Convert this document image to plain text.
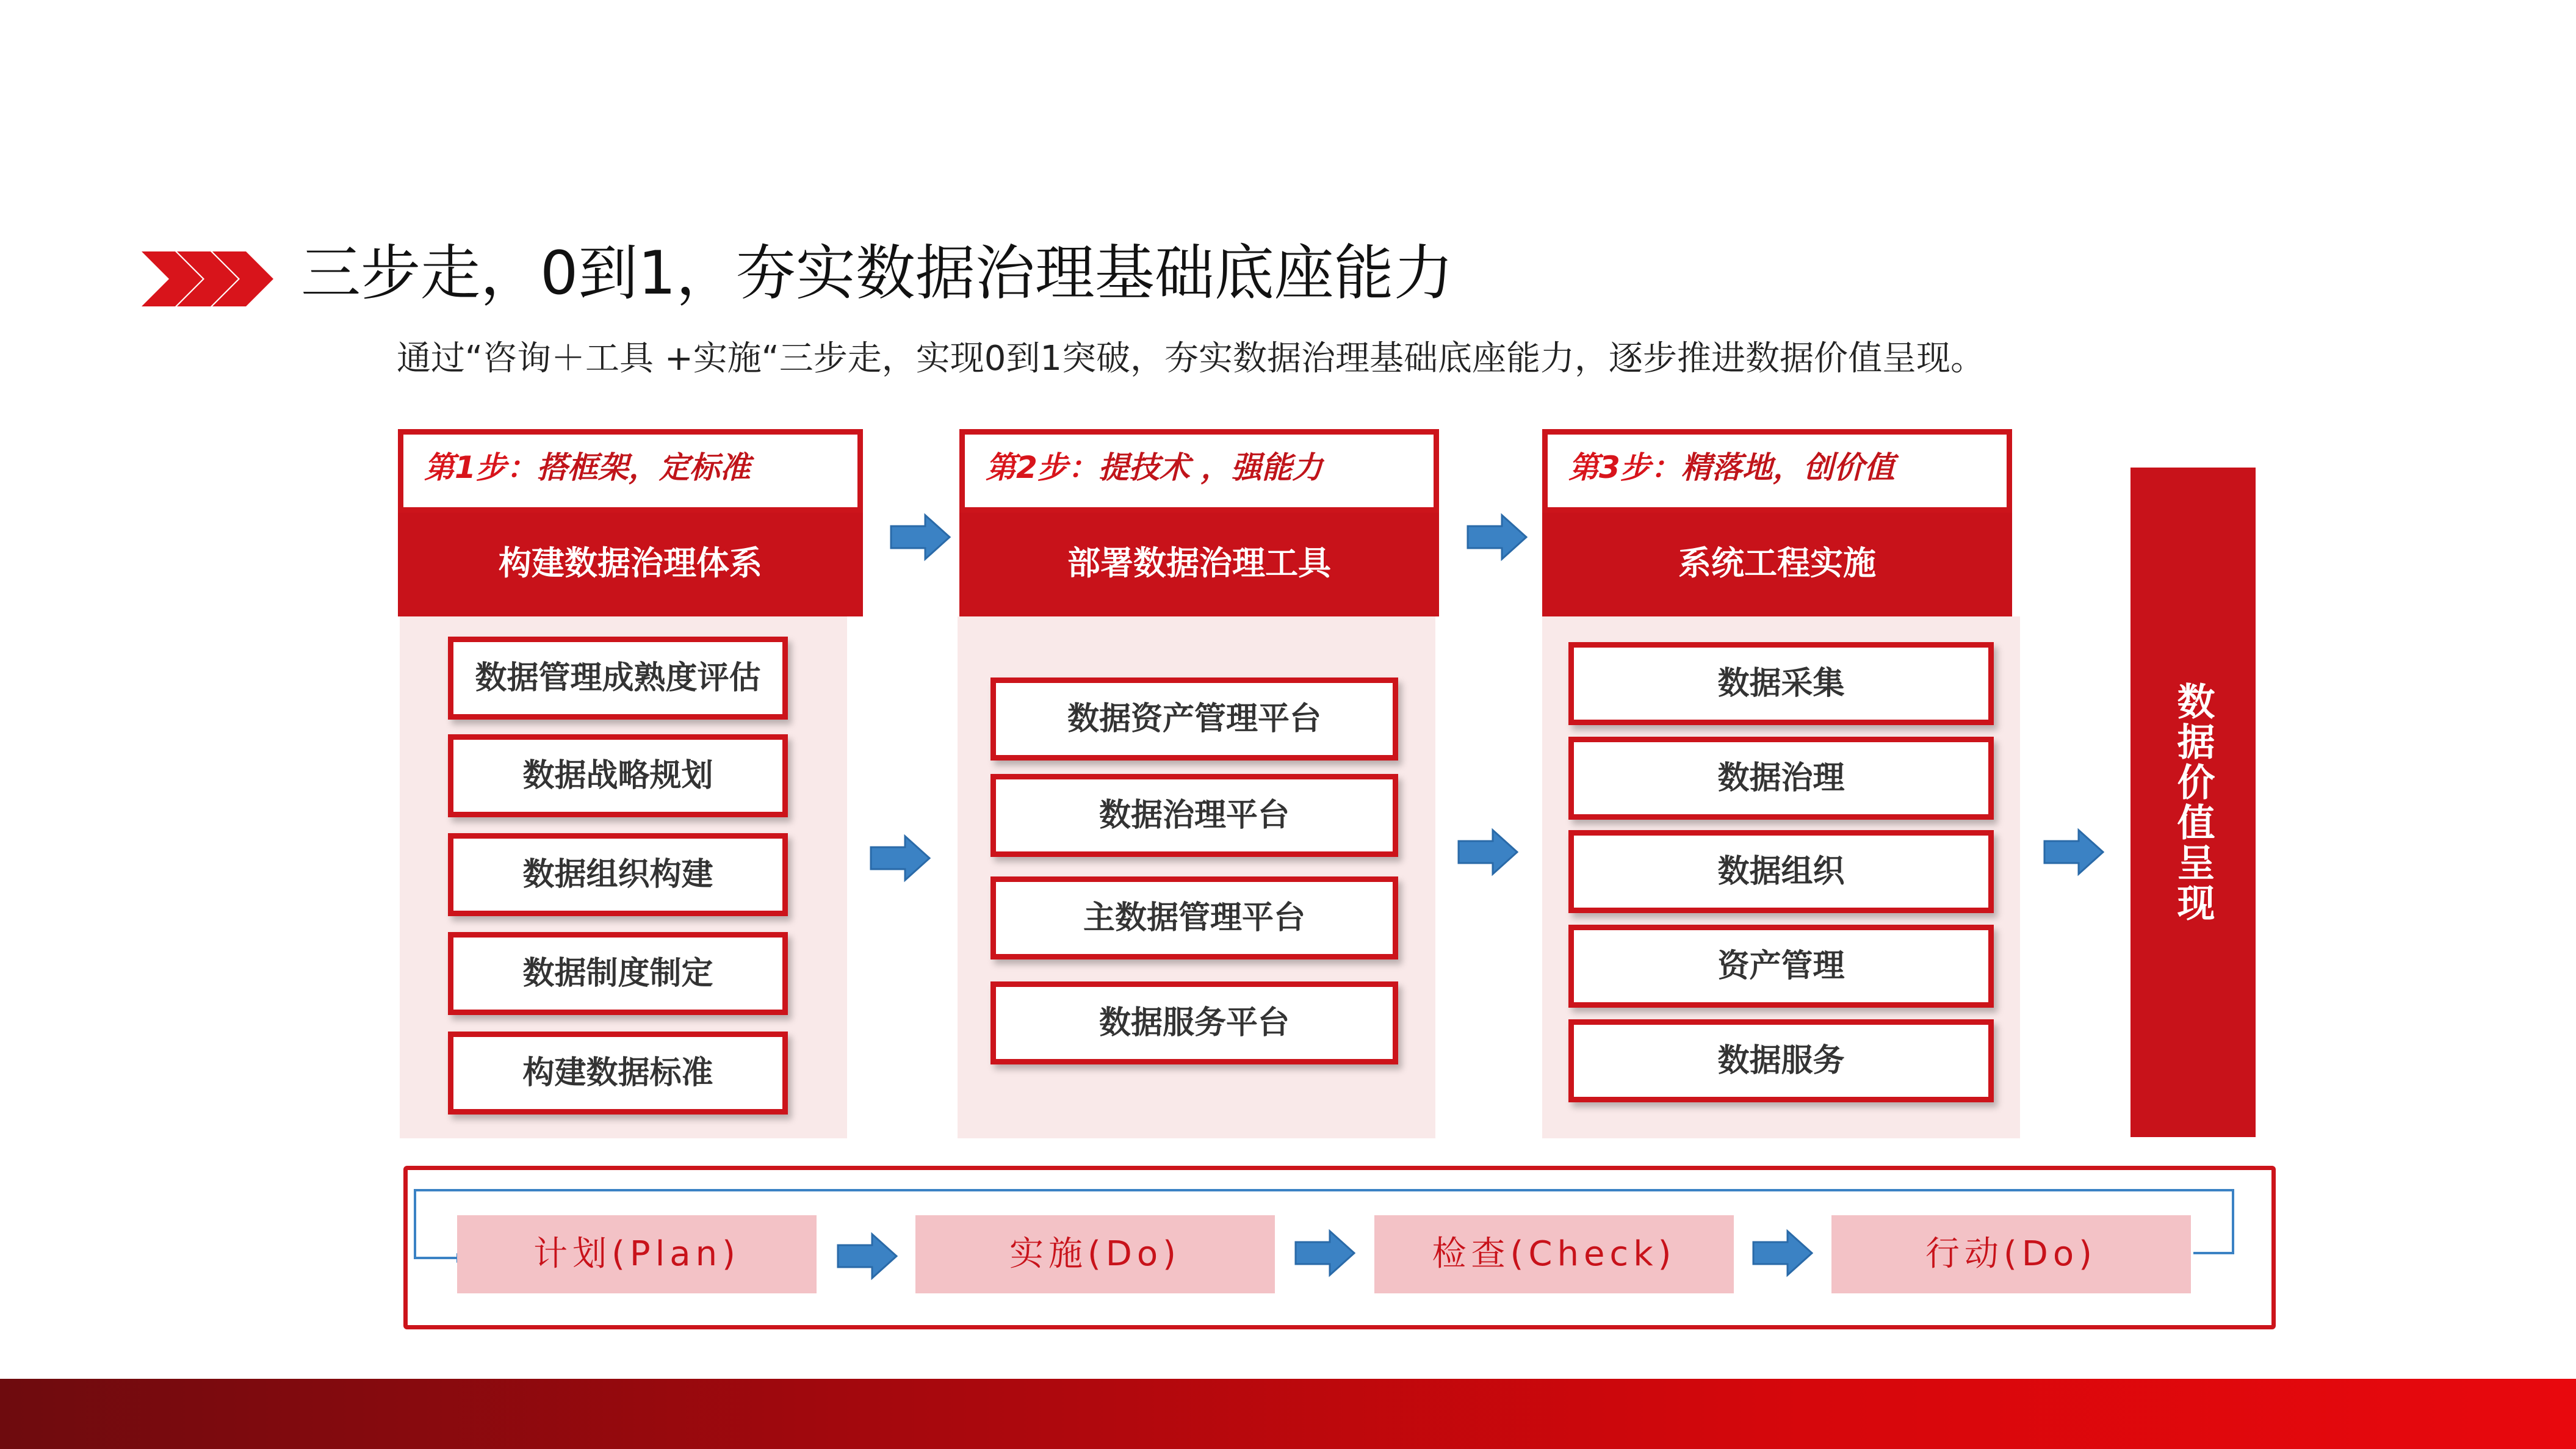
三步走，0到1，夯实数据治理基础底座能力
通过“咨询＋工具 +实施“三步走，实现0到1突破，夯实数据治理基础底座能力，逐步推进数据价值呈现。
第1步：搭框架，定标准
构建数据治理体系
数据管理成熟度评估
数据战略规划
数据组织构建
数据制度制定
构建数据标准
第2步：提技术 ，强能力
部署数据治理工具
数据资产管理平台
数据治理平台
主数据管理平台
数据服务平台
第3步：精落地，创价值
系统工程实施
数据采集
数据治理
数据组织
资产管理
数据服务
数据价值呈现
计划(Plan)	实施(Do)	检查(Check)	行动(Do)
